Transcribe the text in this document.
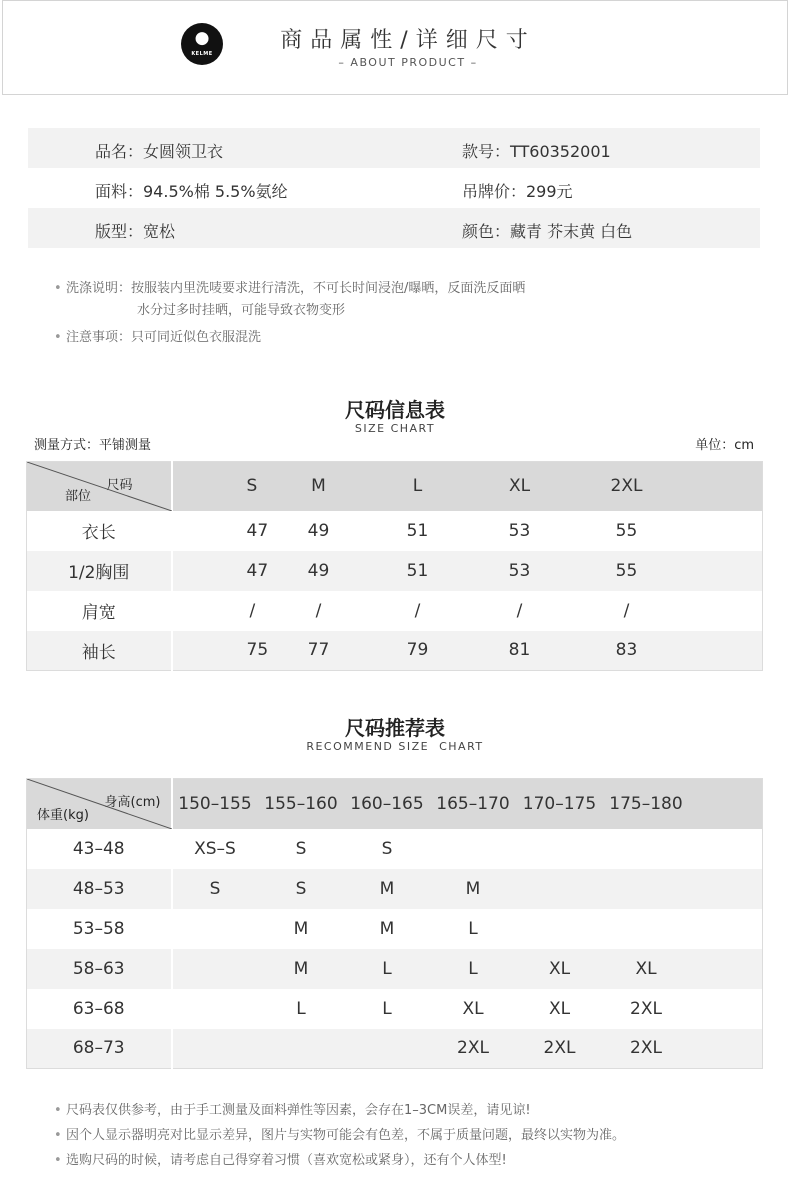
●
KELME
商品属性/详细尺寸
– ABOUT PRODUCT –
品名：女圆领卫衣	款号：TT60352001
面料：94.5%棉 5.5%氨纶	吊牌价：299元
版型：宽松	颜色：藏青 芥末黄 白色
• 洗涤说明：按服装内里洗唛要求进行清洗，不可长时间浸泡/曝晒，反面洗反面晒
水分过多时挂晒，可能导致衣物变形
• 注意事项：只可同近似色衣服混洗
尺码信息表
SIZE CHART
测量方式：平铺测量	单位：cm
尺码
部位	S	M	L	XL	2XL	
衣长	47	49	51	53	55	
1/2胸围	47	49	51	53	55	
肩宽	/	/	/	/	/	
袖长	75	77	79	81	83	
尺码推荐表
RECOMMEND SIZE  CHART
身高(cm)
体重(kg)	150–155	155–160	160–165	165–170	170–175	175–180	
43–48	XS–S	S	S				
48–53	S	S	M	M			
53–58		M	M	L			
58–63		M	L	L	XL	XL	
63–68		L	L	XL	XL	2XL	
68–73				2XL	2XL	2XL	
• 尺码表仅供参考，由于手工测量及面料弹性等因素，会存在1–3CM误差，请见谅!
• 因个人显示器明亮对比显示差异，图片与实物可能会有色差，不属于质量问题，最终以实物为准。
• 选购尺码的时候，请考虑自己得穿着习惯（喜欢宽松或紧身），还有个人体型!
